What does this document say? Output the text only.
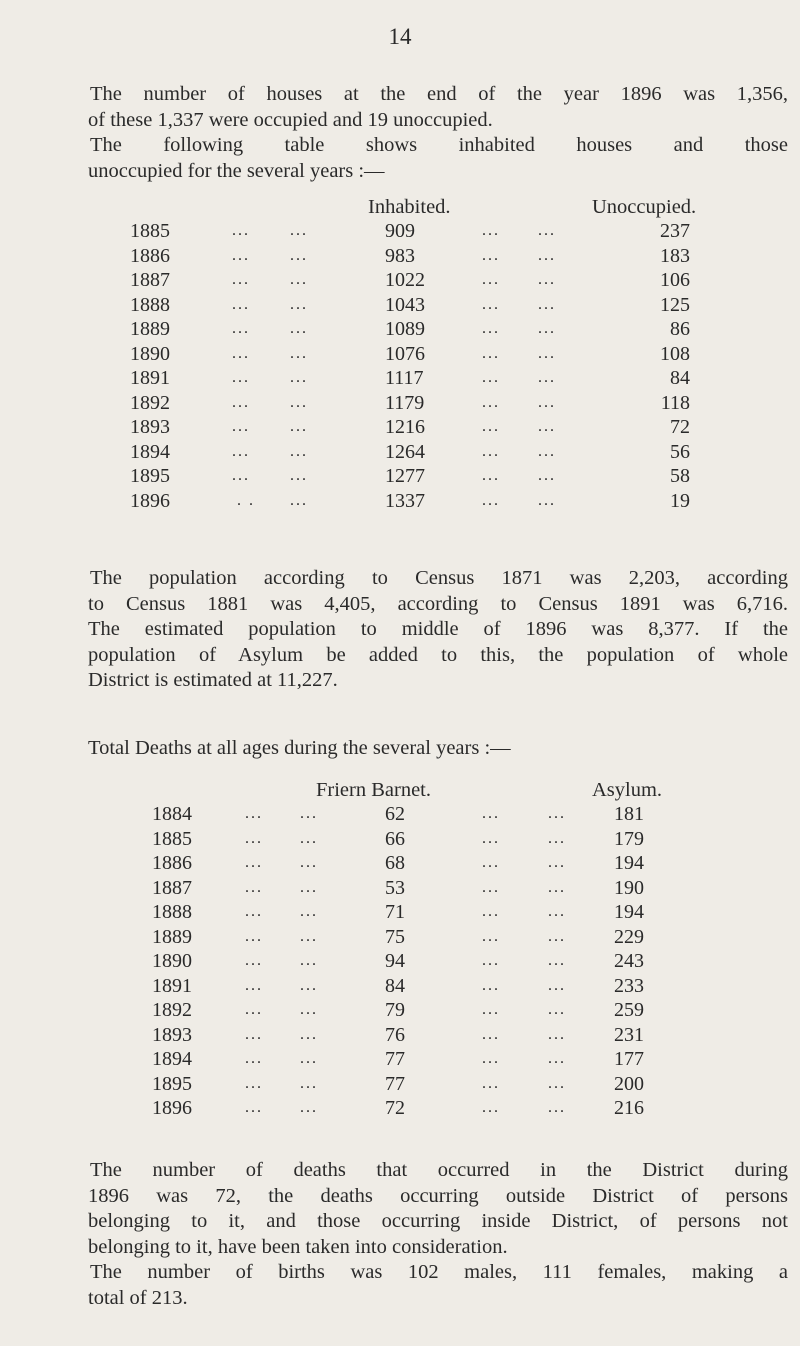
14
The number of houses at the end of the year 1896 was 1,356,
of these 1,337 were occupied and 19 unoccupied.
The following table shows inhabited houses and those
unoccupied for the several years :—
Inhabited.	Unoccupied.
1885	...	...	909	... ...	237
1886	...	...	983	... ...	183
1887	...	...	1022	... ...	106
1888	...	...	1043	... ...	125
1889	...	...	1089	... ...	86
1890	...	...	1076	... ...	108
1891	...	...	1117	... ...	84
1892	...	...	1179	... ...	118
1893	...	...	1216	... ...	72
1894	...	...	1264	... ...	56
1895	...	...	1277	... ...	58
1896	. . ...	1337	... ...	19
The population according to Census 1871 was 2,203, according
to Census 1881 was 4,405, according to Census 1891 was 6,716.
The estimated population to middle of 1896 was 8,377. If the
population of Asylum be added to this, the population of whole
District is estimated at 11,227.
Total Deaths at all ages during the several years :—
Friern Barnet.	Asylum.
1884	... ...	62	...	... 181
1885	... ...	66	...	... 179
1886	... ...	68	...	... 194
1887	... ...	53	...	... 190
1888	... ...	71	...	... 194
1889	... ...	75	...	... 229
1890	... ...	94	...	... 243
1891	... ...	84	...	... 233
1892	... ...	79	...	... 259
1893	... ...	76	...	... 231
1894	... ...	77	...	... 177
1895	... ...	77	...	... 200
1896	... ...	72	...	... 216
The number of deaths that occurred in the District during
1896 was 72, the deaths occurring outside District of persons
belonging to it, and those occurring inside District, of persons not
belonging to it, have been taken into consideration.
The number of births was 102 males, 111 females, making a
total of 213.
